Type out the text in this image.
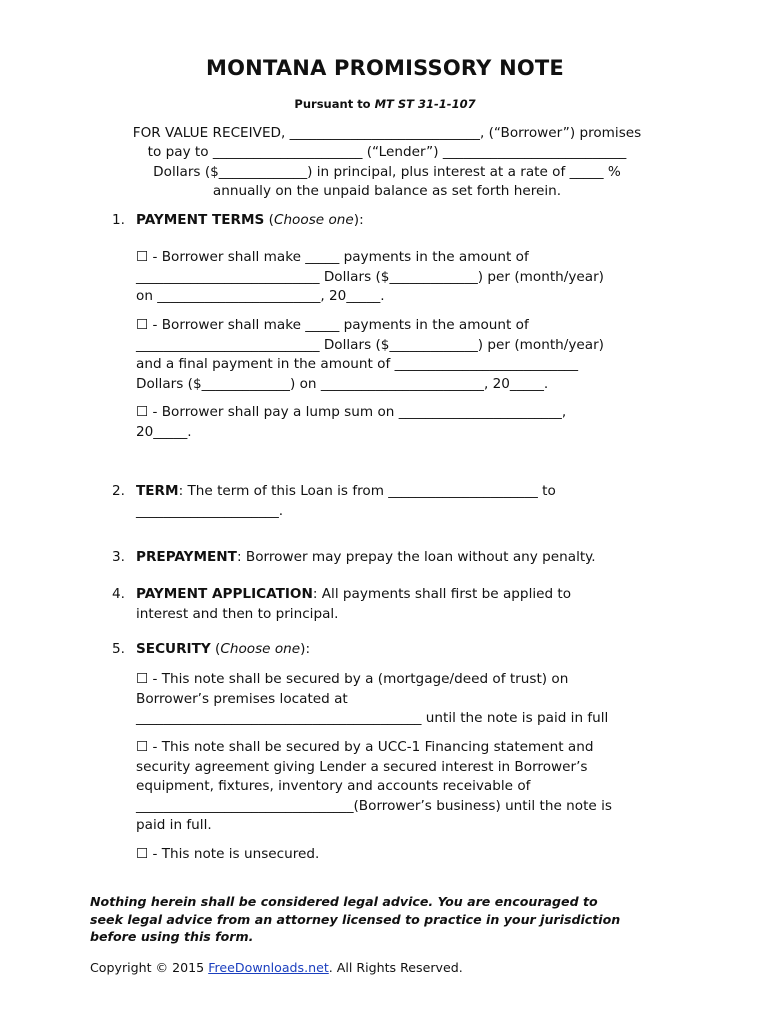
MONTANA PROMISSORY NOTE
Pursuant to MT ST 31-1-107
FOR VALUE RECEIVED, ____________________________, (“Borrower”) promises
to pay to ______________________ (“Lender”) ___________________________
Dollars ($_____________) in principal, plus interest at a rate of _____ %
annually on the unpaid balance as set forth herein.
1. PAYMENT TERMS (Choose one):
☐ - Borrower shall make _____ payments in the amount of
___________________________ Dollars ($_____________) per (month/year)
on ________________________, 20_____.
☐ - Borrower shall make _____ payments in the amount of
___________________________ Dollars ($_____________) per (month/year)
and a final payment in the amount of ___________________________
Dollars ($_____________) on ________________________, 20_____.
☐ - Borrower shall pay a lump sum on ________________________,
20_____.
2. TERM: The term of this Loan is from ______________________ to
_____________________.
3. PREPAYMENT: Borrower may prepay the loan without any penalty.
4. PAYMENT APPLICATION: All payments shall first be applied to
interest and then to principal.
5. SECURITY (Choose one):
☐ - This note shall be secured by a (mortgage/deed of trust) on
Borrower’s premises located at
__________________________________________ until the note is paid in full
☐ - This note shall be secured by a UCC-1 Financing statement and
security agreement giving Lender a secured interest in Borrower’s
equipment, fixtures, inventory and accounts receivable of
________________________________(Borrower’s business) until the note is
paid in full.
☐ - This note is unsecured.
Nothing herein shall be considered legal advice. You are encouraged to
seek legal advice from an attorney licensed to practice in your jurisdiction
before using this form.
Copyright © 2015 FreeDownloads.net. All Rights Reserved.
